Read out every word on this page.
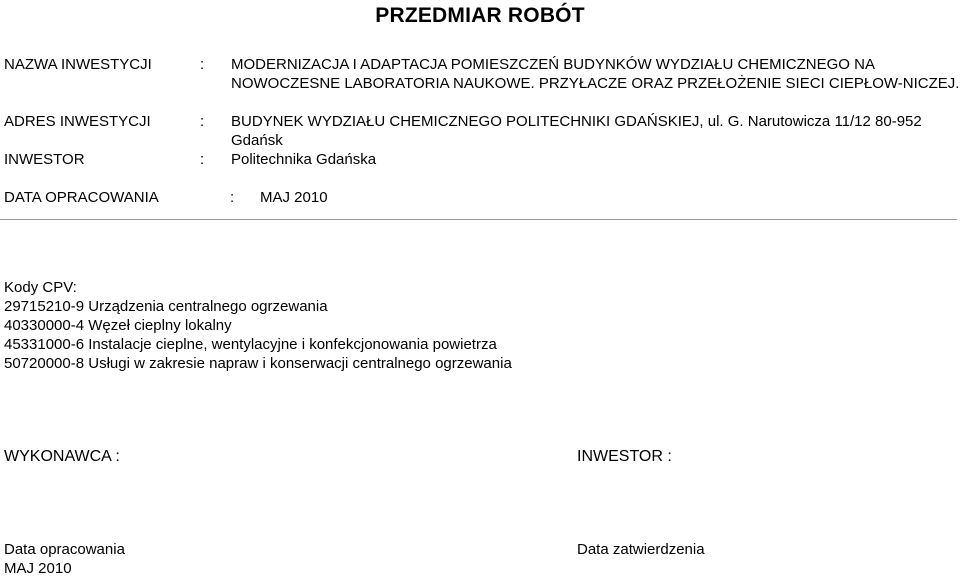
PRZEDMIAR ROBÓT
NAZWA INWESTYCJI	: MODERNIZACJA I ADAPTACJA POMIESZCZEŃ BUDYNKÓW WYDZIAŁU CHEMICZNEGO NA NOWOCZESNE LABORATORIA NAUKOWE. PRZYŁACZE ORAZ PRZEŁOŻENIE SIECI CIEPŁOW-NICZEJ.
ADRES INWESTYCJI	: BUDYNEK WYDZIAŁU CHEMICZNEGO POLITECHNIKI GDAŃSKIEJ, ul. G. Narutowicza 11/12 80-952 Gdańsk
INWESTOR	: Politechnika Gdańska
DATA OPRACOWANIA	: MAJ 2010
Kody CPV:
29715210-9 Urządzenia centralnego ogrzewania
40330000-4 Węzeł cieplny lokalny
45331000-6 Instalacje cieplne, wentylacyjne i konfekcjonowania powietrza
50720000-8 Usługi w zakresie napraw i konserwacji centralnego ogrzewania
WYKONAWCA :	INWESTOR :
Data opracowania
MAJ 2010
Data zatwierdzenia
